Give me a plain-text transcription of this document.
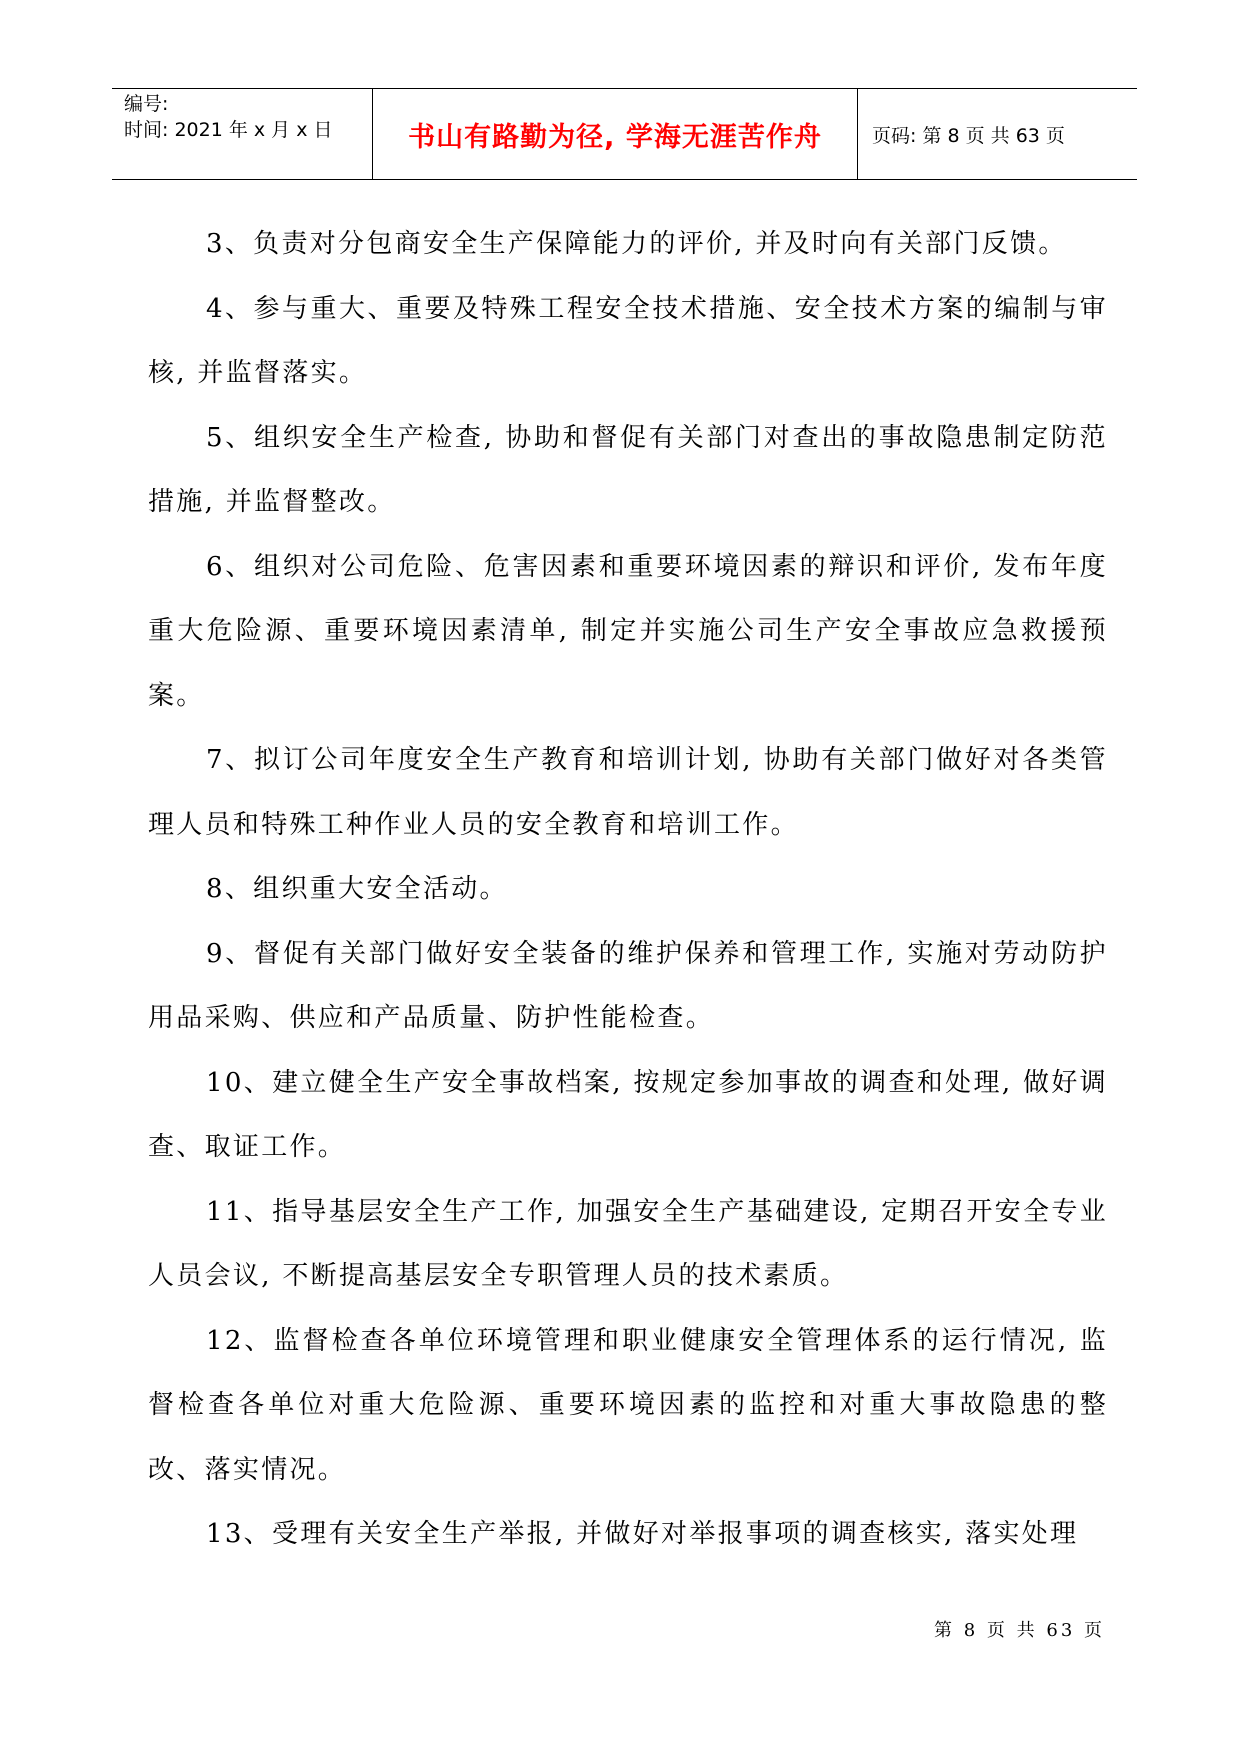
编号:
时间: 2021 年 x 月 x 日	书山有路勤为径, 学海无涯苦作舟	页码: 第 8 页 共 63 页

3、负责对分包商安全生产保障能力的评价, 并及时向有关部门反馈。

4、参与重大、重要及特殊工程安全技术措施、安全技术方案的编制与审核, 并监督落实。

5、组织安全生产检查, 协助和督促有关部门对查出的事故隐患制定防范措施, 并监督整改。

6、组织对公司危险、危害因素和重要环境因素的辩识和评价, 发布年度重大危险源、重要环境因素清单, 制定并实施公司生产安全事故应急救援预案。

7、拟订公司年度安全生产教育和培训计划, 协助有关部门做好对各类管理人员和特殊工种作业人员的安全教育和培训工作。

8、组织重大安全活动。

9、督促有关部门做好安全装备的维护保养和管理工作, 实施对劳动防护用品采购、供应和产品质量、防护性能检查。

10、建立健全生产安全事故档案, 按规定参加事故的调查和处理, 做好调查、取证工作。

11、指导基层安全生产工作, 加强安全生产基础建设, 定期召开安全专业人员会议, 不断提高基层安全专职管理人员的技术素质。

12、监督检查各单位环境管理和职业健康安全管理体系的运行情况, 监督检查各单位对重大危险源、重要环境因素的监控和对重大事故隐患的整改、落实情况。

13、受理有关安全生产举报, 并做好对举报事项的调查核实, 落实处理

第 8 页 共 63 页
